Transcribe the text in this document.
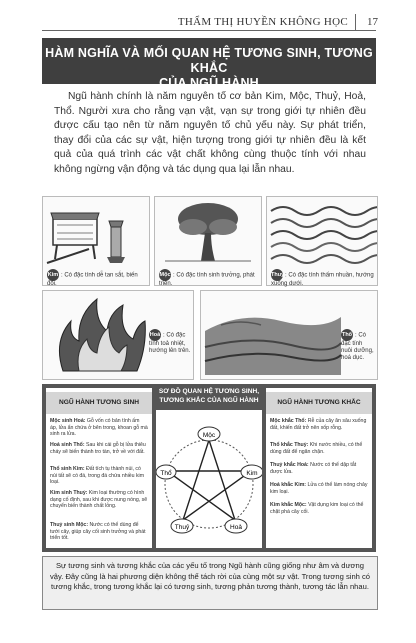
THẨM THỊ HUYỀN KHÔNG HỌC 17
HÀM NGHĨA VÀ MỐI QUAN HỆ TƯƠNG SINH, TƯƠNG KHẮC
CỦA NGŨ HÀNH
Ngũ hành chính là năm nguyên tố cơ bản Kim, Mộc, Thuỷ, Hoả, Thổ. Người xưa cho rằng vạn vật, vạn sự trong giới tự nhiên đều được cấu tạo nên từ năm nguyên tố chủ yếu này. Sự phát triển, thay đổi của các sự vật, hiện tượng trong giới tự nhiên đều là kết quả của quá trình các vật chất không cùng thuộc tính với nhau không ngừng vận động và tác dụng qua lại lẫn nhau.
Kim : Có đặc tính dễ tan sắt, biến đổi.
Mộc : Có đặc tính sinh trưởng, phát triển.
Thuỷ: Có đặc tính thấm nhuần, hướng xuống dưới.
Hoả : Có đặc tính toả nhiệt, hướng lên trên.
Thổ : Có đặc tính nuôi dưỡng, hoá dục.
NGŨ HÀNH TƯƠNG SINH
Mộc sinh Hoả: Gỗ vốn có bản tính ấm áp, lửa ẩn chứa ở bên trong, khoan gỗ mà sinh ra lửa.
Hoả sinh Thổ: Sau khi cái gỗ bị lửa thiêu cháy sẽ biến thành tro tàn, trở về với đất.
Thổ sinh Kim: Đất tích tụ thành núi, có núi tất sẽ có đá, trong đá chứa nhiều kim loại.
Kim sinh Thuỷ: Kim loại thường có hình dạng cố định, sau khi được nung nóng, sẽ chuyển biến thành chất lỏng.
Thuỷ sinh Mộc: Nước có thể dùng để tưới cây, giúp cây cối sinh trưởng và phát triển tốt.
SƠ ĐỒ QUAN HỆ TƯƠNG SINH, TƯƠNG KHẮC CỦA NGŨ HÀNH
Mộc
Kim
Hoả
Thuỷ
Thổ
NGŨ HÀNH TƯƠNG KHẮC
Mộc khắc Thổ: Rễ của cây ăn sâu xuống đất, khiến đất trở nên xốp rỗng.
Thổ khắc Thuỷ: Khi nước nhiều, có thể dùng đất để ngăn chặn.
Thuỷ khắc Hoả: Nước có thể dập tắt được lửa.
Hoả khắc Kim: Lửa có thể làm nóng chảy kim loại.
Kim khắc Mộc: Vật dụng kim loại có thể chặt phá cây cối.
Sự tương sinh và tương khắc của các yếu tố trong Ngũ hành cũng giống như âm và dương vậy. Đây cũng là hai phương diện không thể tách rời của cùng một sự vật. Trong tương sinh có tương khắc, trong tương khắc lại có tương sinh, tương phản tương thành, tương tác lẫn nhau.
